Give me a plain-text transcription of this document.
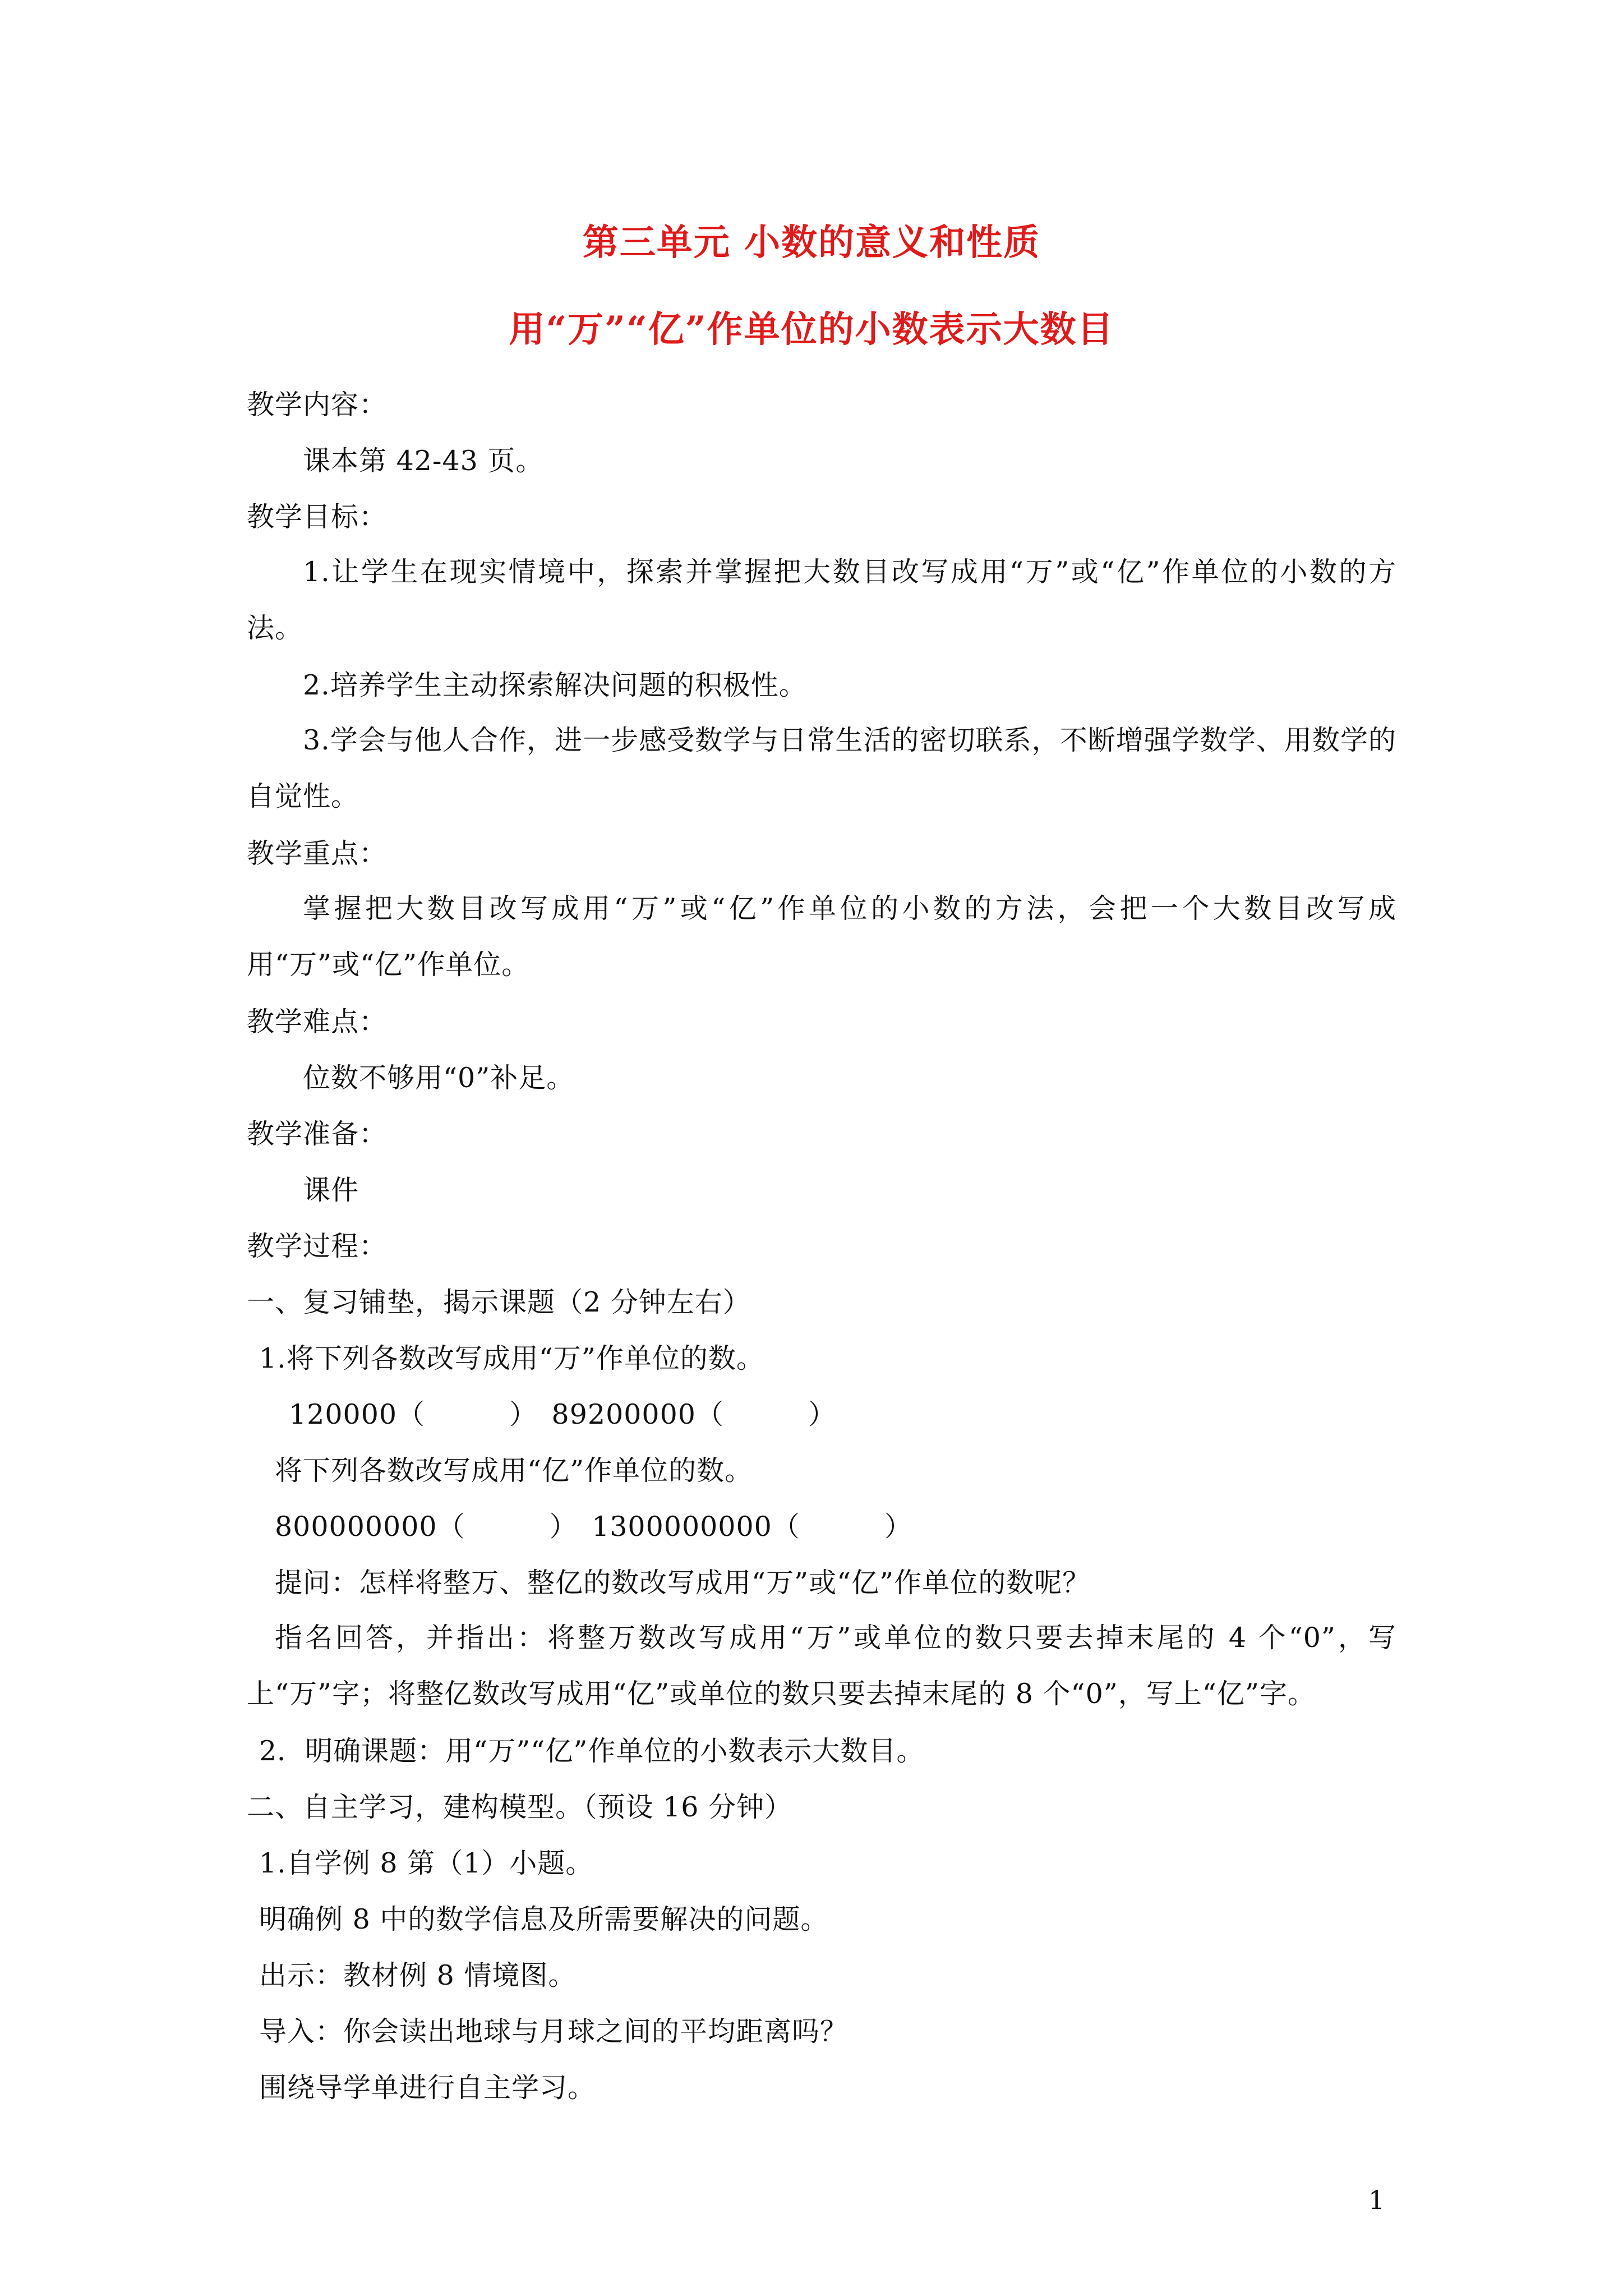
第三单元 小数的意义和性质
用“万”“亿”作单位的小数表示大数目
教学内容：
课本第 42-43 页。
教学目标：
1.让学生在现实情境中，探索并掌握把大数目改写成用“万”或“亿”作单位的小数的方法。
2.培养学生主动探索解决问题的积极性。
3.学会与他人合作，进一步感受数学与日常生活的密切联系，不断增强学数学、用数学的自觉性。
教学重点：
掌握把大数目改写成用“万”或“亿”作单位的小数的方法，会把一个大数目改写成用“万”或“亿”作单位。
教学难点：
位数不够用“0”补足。
教学准备：
课件
教学过程：
一、复习铺垫，揭示课题（2 分钟左右）
1.将下列各数改写成用“万”作单位的数。
120000（　　　）　89200000（　　　）
将下列各数改写成用“亿”作单位的数。
800000000（　　　）　1300000000（　　　）
提问：怎样将整万、整亿的数改写成用“万”或“亿”作单位的数呢？
指名回答，并指出：将整万数改写成用“万”或单位的数只要去掉末尾的 4 个“0”，写上“万”字；将整亿数改写成用“亿”或单位的数只要去掉末尾的 8 个“0”，写上“亿”字。
2．明确课题：用“万”“亿”作单位的小数表示大数目。
二、自主学习，建构模型。（预设 16 分钟）
1.自学例 8 第（1）小题。
明确例 8 中的数学信息及所需要解决的问题。
出示：教材例 8 情境图。
导入：你会读出地球与月球之间的平均距离吗？
围绕导学单进行自主学习。
1
